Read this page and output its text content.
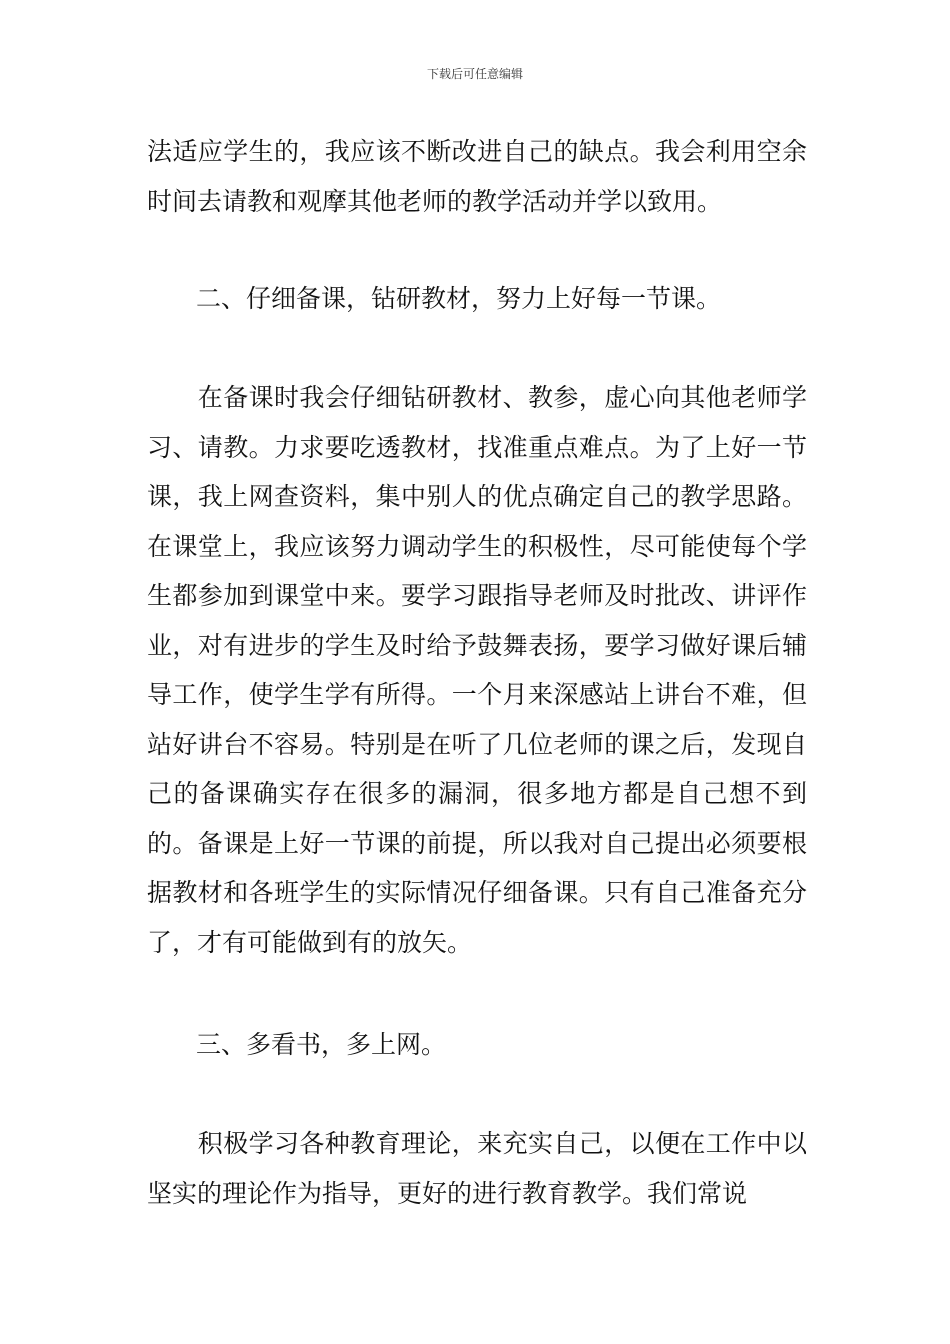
下载后可任意编辑

法适应学生的，我应该不断改进自己的缺点。我会利用空余时间去请教和观摩其他老师的教学活动并学以致用。

二、仔细备课，钻研教材，努力上好每一节课。

　　在备课时我会仔细钻研教材、教参，虚心向其他老师学习、请教。力求要吃透教材，找准重点难点。为了上好一节课，我上网查资料，集中别人的优点确定自己的教学思路。在课堂上，我应该努力调动学生的积极性，尽可能使每个学生都参加到课堂中来。要学习跟指导老师及时批改、讲评作业，对有进步的学生及时给予鼓舞表扬，要学习做好课后辅导工作，使学生学有所得。一个月来深感站上讲台不难，但站好讲台不容易。特别是在听了几位老师的课之后，发现自己的备课确实存在很多的漏洞，很多地方都是自己想不到的。备课是上好一节课的前提，所以我对自己提出必须要根据教材和各班学生的实际情况仔细备课。只有自己准备充分了，才有可能做到有的放矢。

三、多看书，多上网。

　　积极学习各种教育理论，来充实自己，以便在工作中以坚实的理论作为指导，更好的进行教育教学。我们常说
